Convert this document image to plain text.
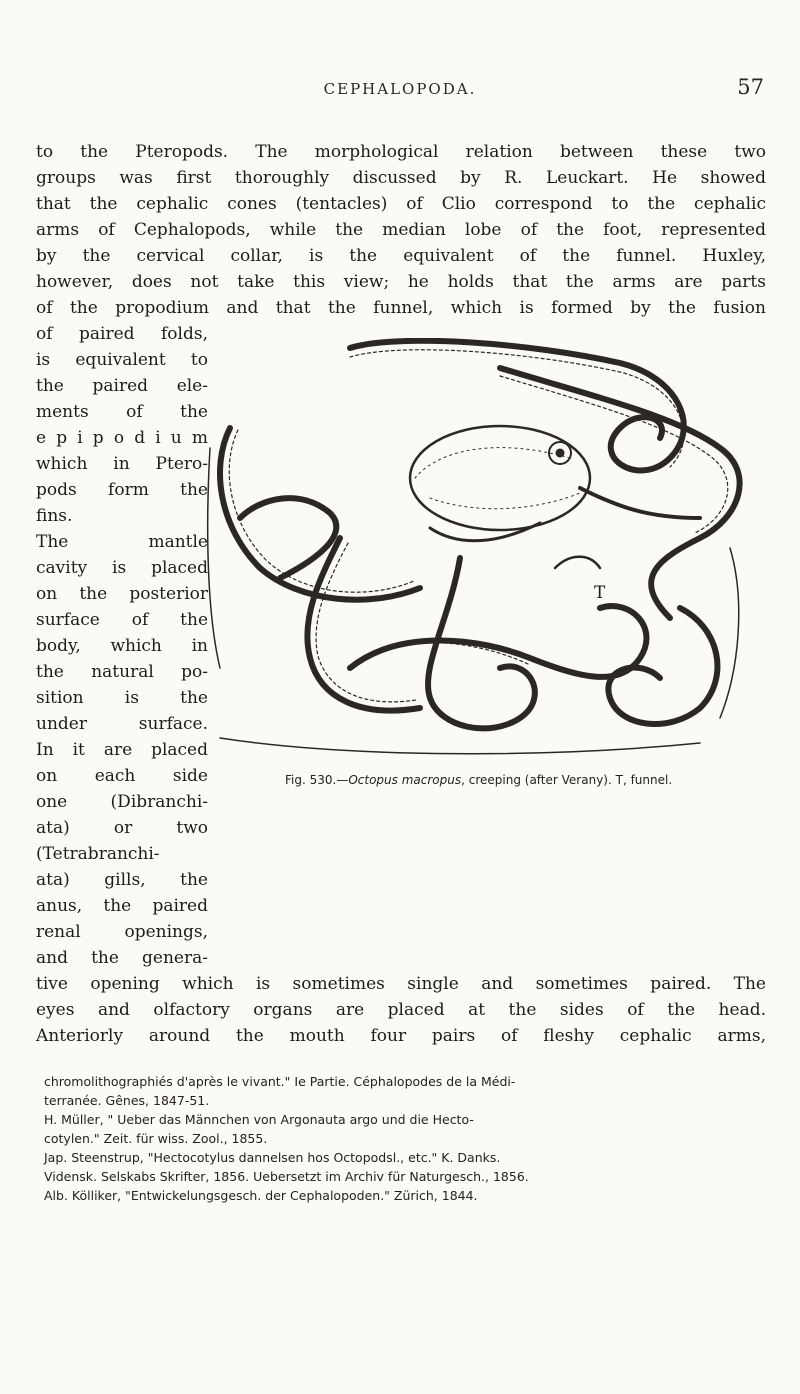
CEPHALOPODA.	57
to the Pteropods. The morphological relation between these two
groups was first thoroughly discussed by R. Leuckart. He showed
that the cephalic cones (tentacles) of Clio correspond to the cephalic
arms of Cephalopods, while the median lobe of the foot, represented
by the cervical collar, is the equivalent of the funnel. Huxley,
however, does not take this view; he holds that the arms are parts
of the propodium and that the funnel, which is formed by the fusion
of paired folds,
is equivalent to
the paired ele-
ments of the
e p i p o d i u m
which in Ptero-
pods form the
fins.
The mantle
cavity is placed
on the posterior
surface of the
body, which in
the natural po-
sition is the
under surface.
In it are placed
on each side
one (Dibranchi-
ata) or two
(Tetrabranchi-
ata) gills, the
anus, the paired
renal openings,
and the genera-
T
Fig. 530.—Octopus macropus, creeping (after Verany). T, funnel.
tive opening which is sometimes single and sometimes paired. The
eyes and olfactory organs are placed at the sides of the head.
Anteriorly around the mouth four pairs of fleshy cephalic arms,
chromolithographiés d'après le vivant." Ie Partie. Céphalopodes de la Médi-
terranée. Gênes, 1847-51.
H. Müller, " Ueber das Männchen von Argonauta argo und die Hecto-
cotylen." Zeit. für wiss. Zool., 1855.
Jap. Steenstrup, "Hectocotylus dannelsen hos Octopodsl., etc." K. Danks.
Vidensk. Selskabs Skrifter, 1856. Uebersetzt im Archiv für Naturgesch., 1856.
Alb. Kölliker, "Entwickelungsgesch. der Cephalopoden." Zürich, 1844.
